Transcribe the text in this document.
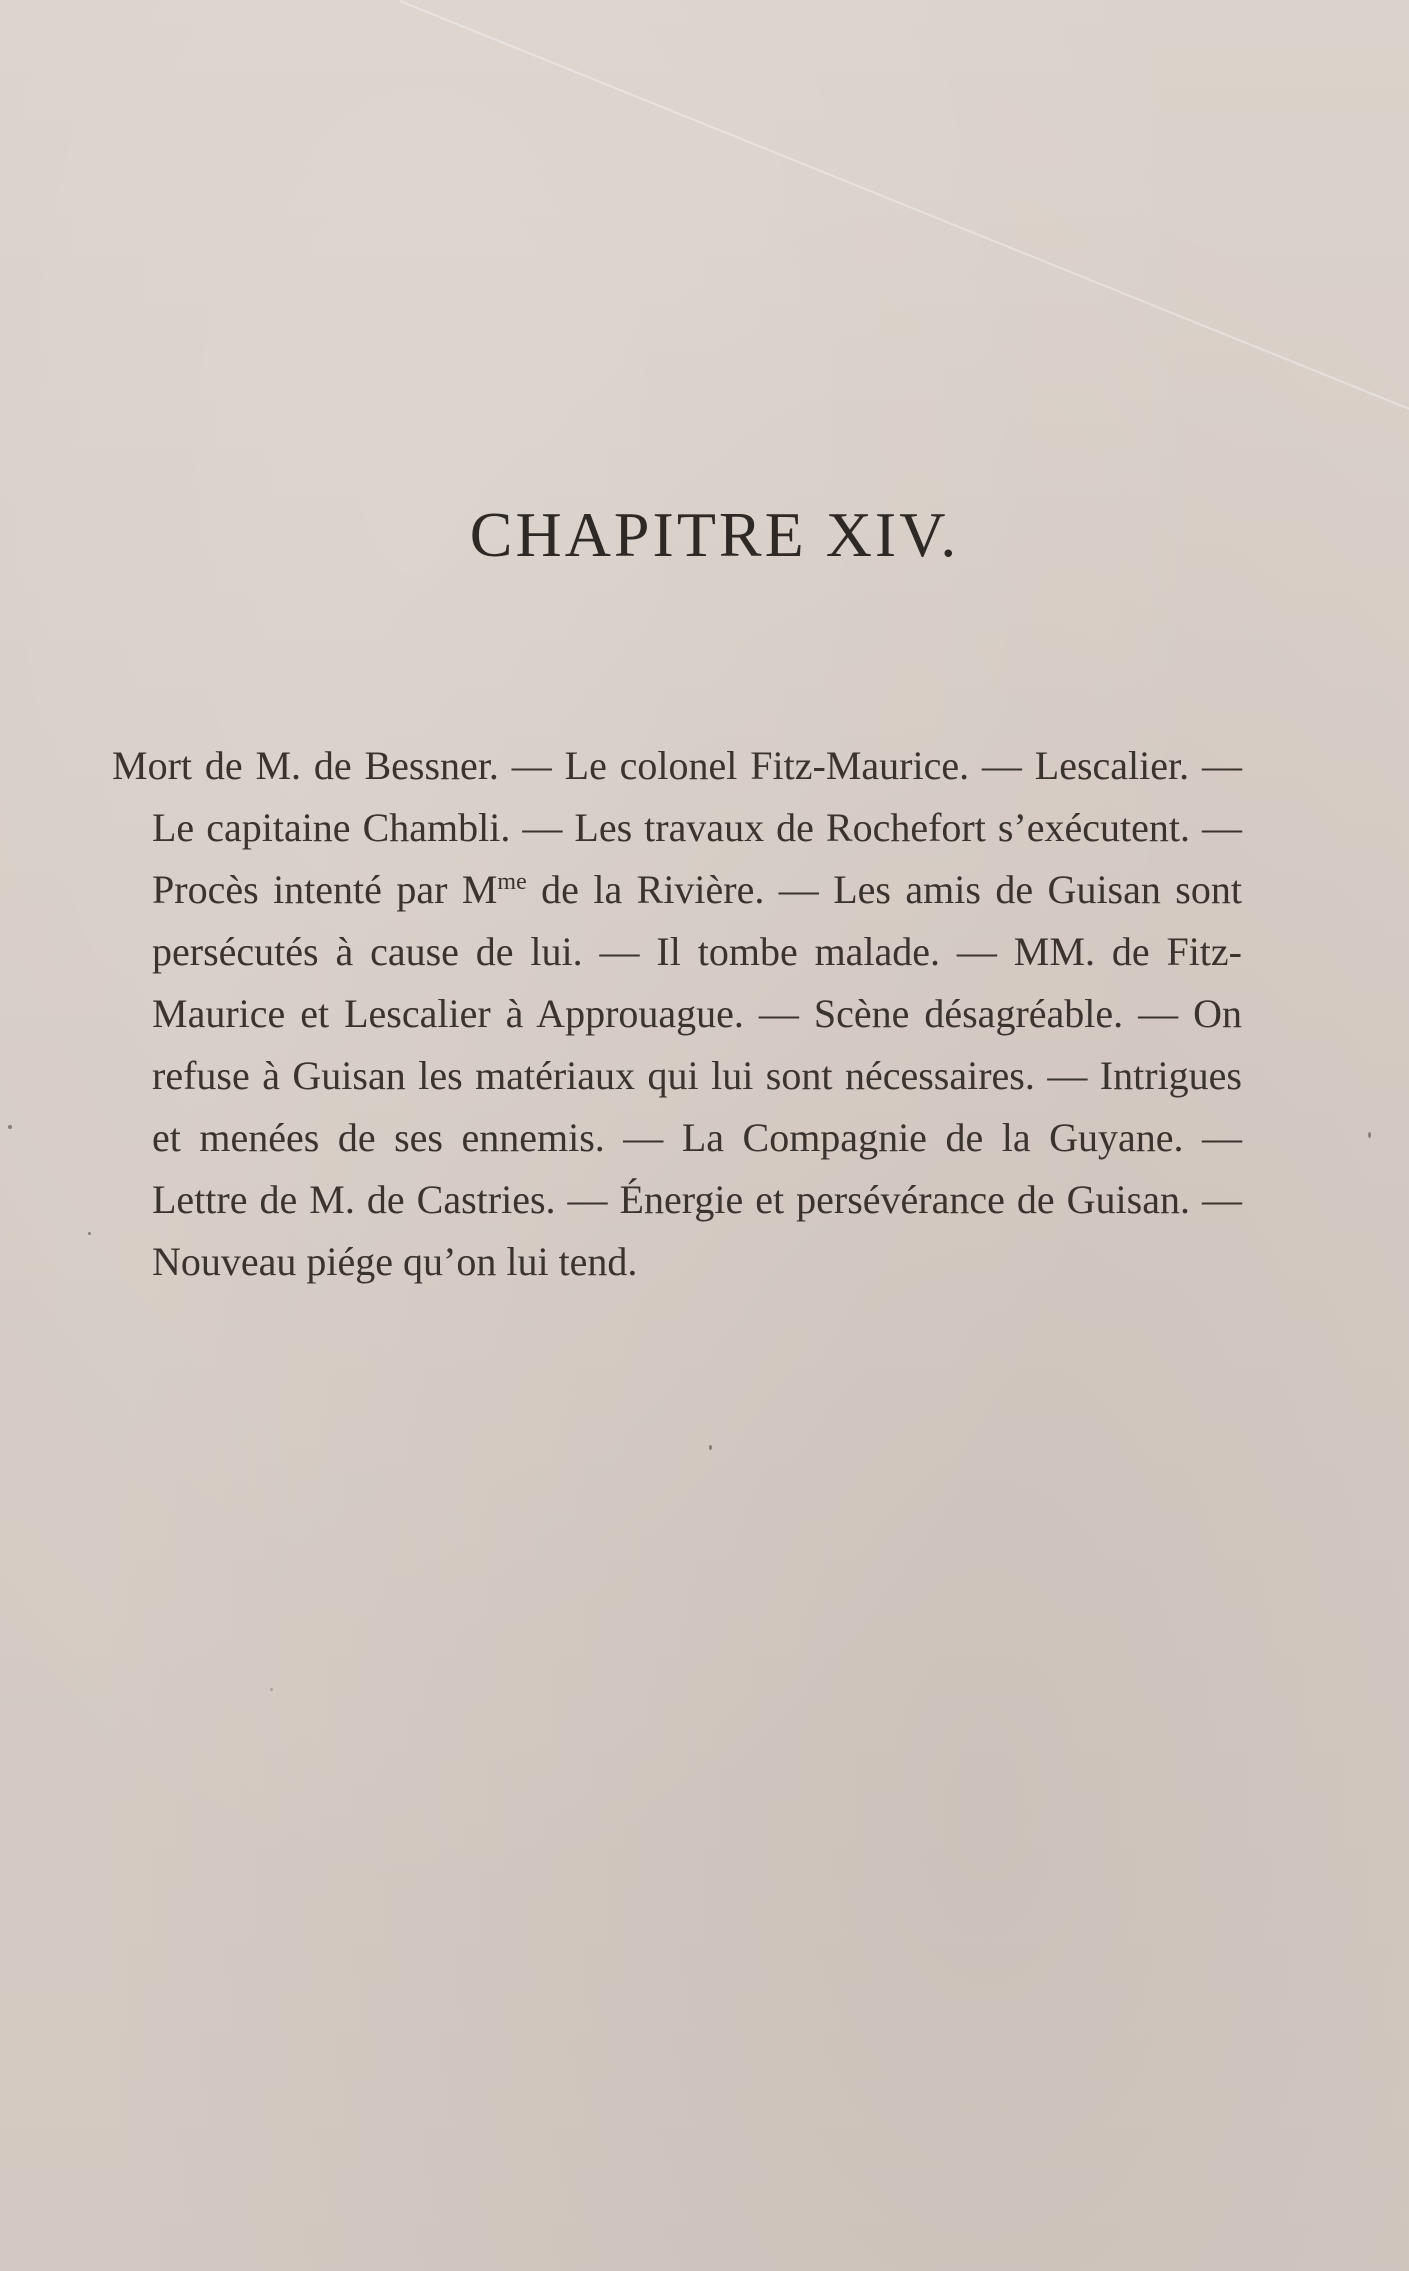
CHAPITRE XIV.

Mort de M. de Bessner. — Le colonel Fitz-Maurice. — Lescalier. — Le capitaine Chambli. — Les travaux de Rochefort s’exécutent. — Procès intenté par $M^{me}$ de la Rivière. — Les amis de Guisan sont persécutés à cause de lui. — Il tombe malade. — MM. de Fitz-Maurice et Lescalier à Approuague. — Scène désagréable. — On refuse à Guisan les matériaux qui lui sont nécessaires. — Intrigues et menées de ses ennemis. — La Compagnie de la Guyane. — Lettre de M. de Castries. — Énergie et persévérance de Guisan. — Nouveau piége qu’on lui tend.
